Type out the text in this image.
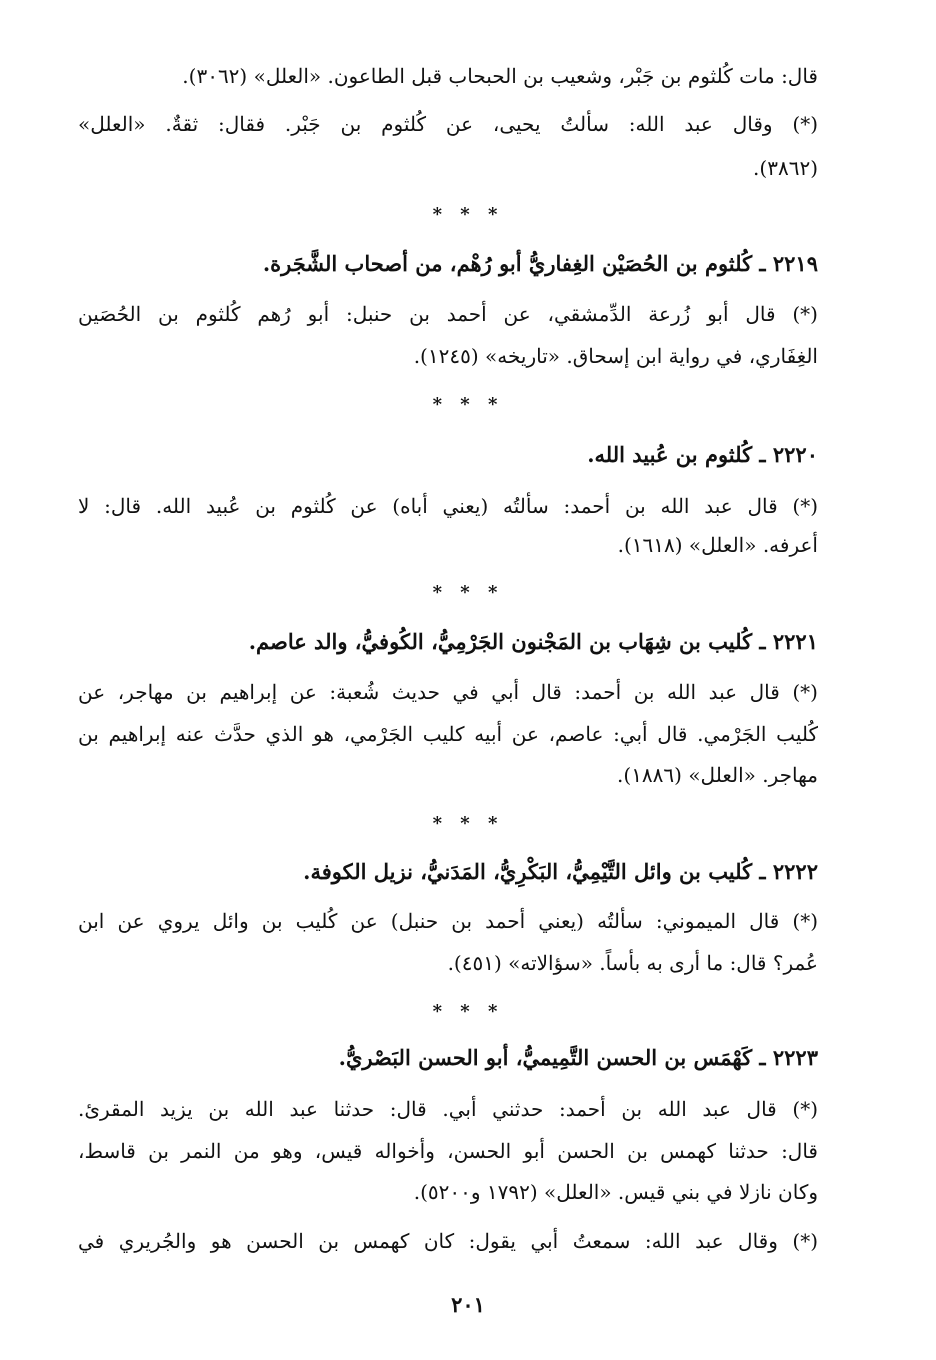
قال: مات كُلثوم بن جَبْر، وشعيب بن الحبحاب قبل الطاعون. «العلل» (٣٠٦٢).
(*) وقال عبد الله: سألتُ يحيى، عن كُلثوم بن جَبْر. فقال: ثقةٌ. «العلل»
(٣٨٦٢).
* * *
٢٢١٩ ـ كُلثوم بن الحُصَيْن الغِفاريُّ أبو رُهْم، من أصحاب الشَّجَرة.
(*) قال أبو زُرعة الدِّمشقي، عن أحمد بن حنبل: أبو رُهم كُلثوم بن الحُصَين
الغِفَاري، في رواية ابن إسحاق. «تاريخه» (١٢٤٥).
* * *
٢٢٢٠ ـ كُلثوم بن عُبيد الله.
(*) قال عبد الله بن أحمد: سألتُه (يعني أباه) عن كُلثوم بن عُبيد الله. قال: لا
أعرفه. «العلل» (١٦١٨).
* * *
٢٢٢١ ـ كُليب بن شِهَاب بن المَجْنون الجَرْمِيُّ، الكُوفيُّ، والد عاصم.
(*) قال عبد الله بن أحمد: قال أبي في حديث شُعبة: عن إبراهيم بن مهاجر، عن
كُليب الجَرْمي. قال أبي: عاصم، عن أبيه كليب الجَرْمي، هو الذي حدَّث عنه إبراهيم بن
مهاجر. «العلل» (١٨٨٦).
* * *
٢٢٢٢ ـ كُليب بن وائل التَّيْمِيُّ، البَكْرِيُّ، المَدَنيُّ، نزيل الكوفة.
(*) قال الميموني: سألتُه (يعني أحمد بن حنبل) عن كُليب بن وائل يروي عن ابن
عُمر؟ قال: ما أرى به بأساً. «سؤالاته» (٤٥١).
* * *
٢٢٢٣ ـ كَهْمَس بن الحسن التَّمِيميُّ، أبو الحسن البَصْريُّ.
(*) قال عبد الله بن أحمد: حدثني أبي. قال: حدثنا عبد الله بن يزيد المقرئ.
قال: حدثنا كهمس بن الحسن أبو الحسن، وأخواله قيس، وهو من النمر بن قاسط،
وكان نازلا في بني قيس. «العلل» (١٧٩٢ و٥٢٠٠).
(*) وقال عبد الله: سمعتُ أبي يقول: كان كهمس بن الحسن هو والجُريري في
٢٠١
